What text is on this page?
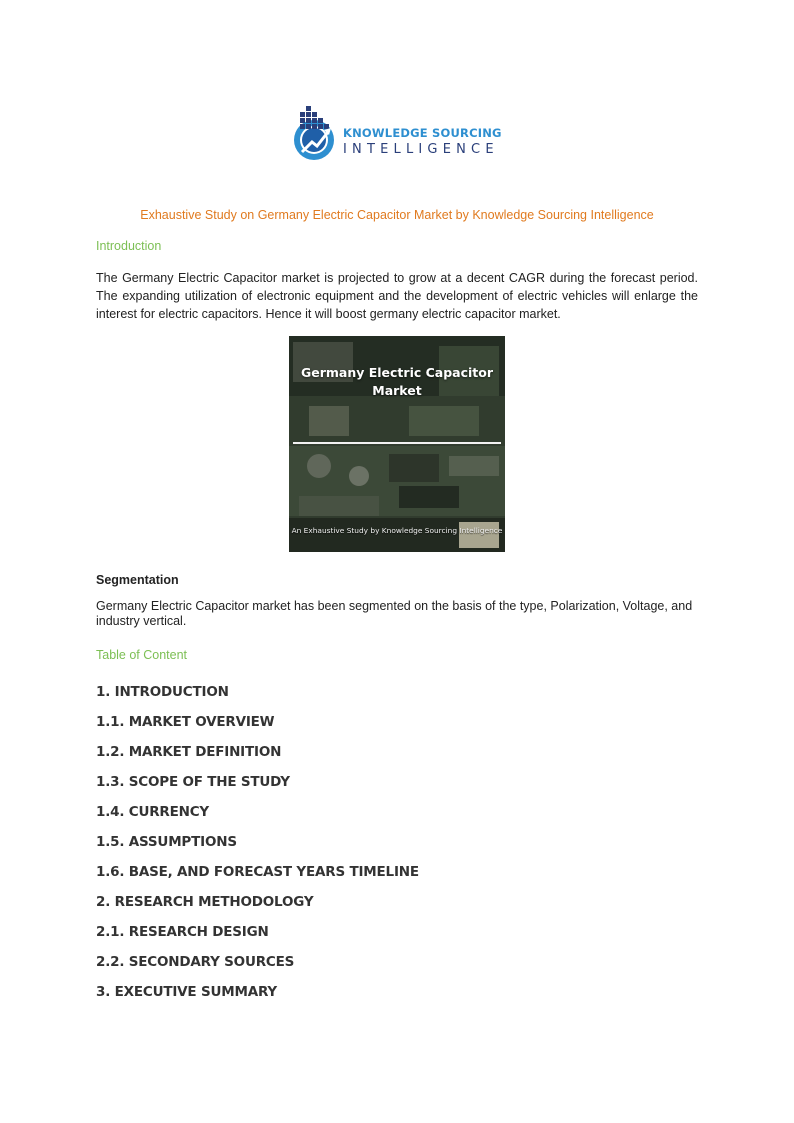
KNOWLEDGE SOURCING
INTELLIGENCE
Exhaustive Study on Germany Electric Capacitor Market by Knowledge Sourcing Intelligence
Introduction
The Germany Electric Capacitor market is projected to grow at a decent CAGR during the forecast period. The expanding utilization of electronic equipment and the development of electric vehicles will enlarge the interest for electric capacitors. Hence it will boost germany electric capacitor market.
Germany Electric Capacitor Market
An Exhaustive Study by Knowledge Sourcing Intelligence
Segmentation
Germany Electric Capacitor market has been segmented on the basis of the type, Polarization, Voltage, and industry vertical.
Table of Content
1. INTRODUCTION
1.1. MARKET OVERVIEW
1.2. MARKET DEFINITION
1.3. SCOPE OF THE STUDY
1.4. CURRENCY
1.5. ASSUMPTIONS
1.6. BASE, AND FORECAST YEARS TIMELINE
2. RESEARCH METHODOLOGY
2.1. RESEARCH DESIGN
2.2. SECONDARY SOURCES
3. EXECUTIVE SUMMARY
